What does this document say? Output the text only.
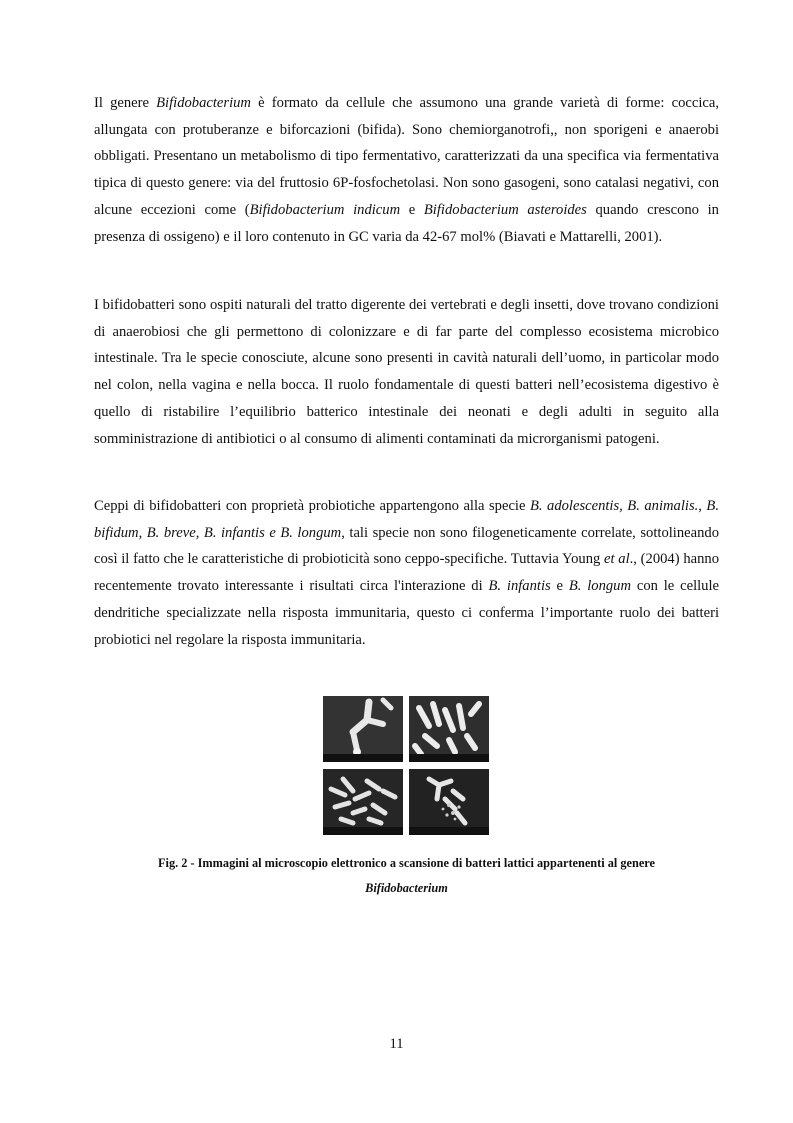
Il genere Bifidobacterium è formato da cellule che assumono una grande varietà di forme: coccica, allungata con protuberanze e biforcazioni (bifida). Sono chemiorganotrofi,, non sporigeni e anaerobi obbligati. Presentano un metabolismo di tipo fermentativo, caratterizzati da una specifica via fermentativa tipica di questo genere: via del fruttosio 6P-fosfochetolasi. Non sono gasogeni, sono catalasi negativi, con alcune eccezioni come (Bifidobacterium indicum e Bifidobacterium asteroides quando crescono in presenza di ossigeno) e il loro contenuto in GC varia da 42-67 mol% (Biavati e Mattarelli, 2001).

I bifidobatteri sono ospiti naturali del tratto digerente dei vertebrati e degli insetti, dove trovano condizioni di anaerobiosi che gli permettono di colonizzare e di far parte del complesso ecosistema microbico intestinale. Tra le specie conosciute, alcune sono presenti in cavità naturali dell’uomo, in particolar modo nel colon, nella vagina e nella bocca. Il ruolo fondamentale di questi batteri nell’ecosistema digestivo è quello di ristabilire l’equilibrio batterico intestinale dei neonati e degli adulti in seguito alla somministrazione di antibiotici o al consumo di alimenti contaminati da microrganismi patogeni.

Ceppi di bifidobatteri con proprietà probiotiche appartengono alla specie B. adolescentis, B. animalis., B. bifidum, B. breve, B. infantis e B. longum, tali specie non sono filogeneticamente correlate, sottolineando così il fatto che le caratteristiche di probioticità sono ceppo-specifiche. Tuttavia Young et al., (2004) hanno recentemente trovato interessante i risultati circa l'interazione di B. infantis e B. longum con le cellule dendritiche specializzate nella risposta immunitaria, questo ci conferma l’importante ruolo dei batteri probiotici nel regolare la risposta immunitaria.

Fig. 2 - Immagini al microscopio elettronico a scansione di batteri lattici appartenenti al genere

Bifidobacterium

11
